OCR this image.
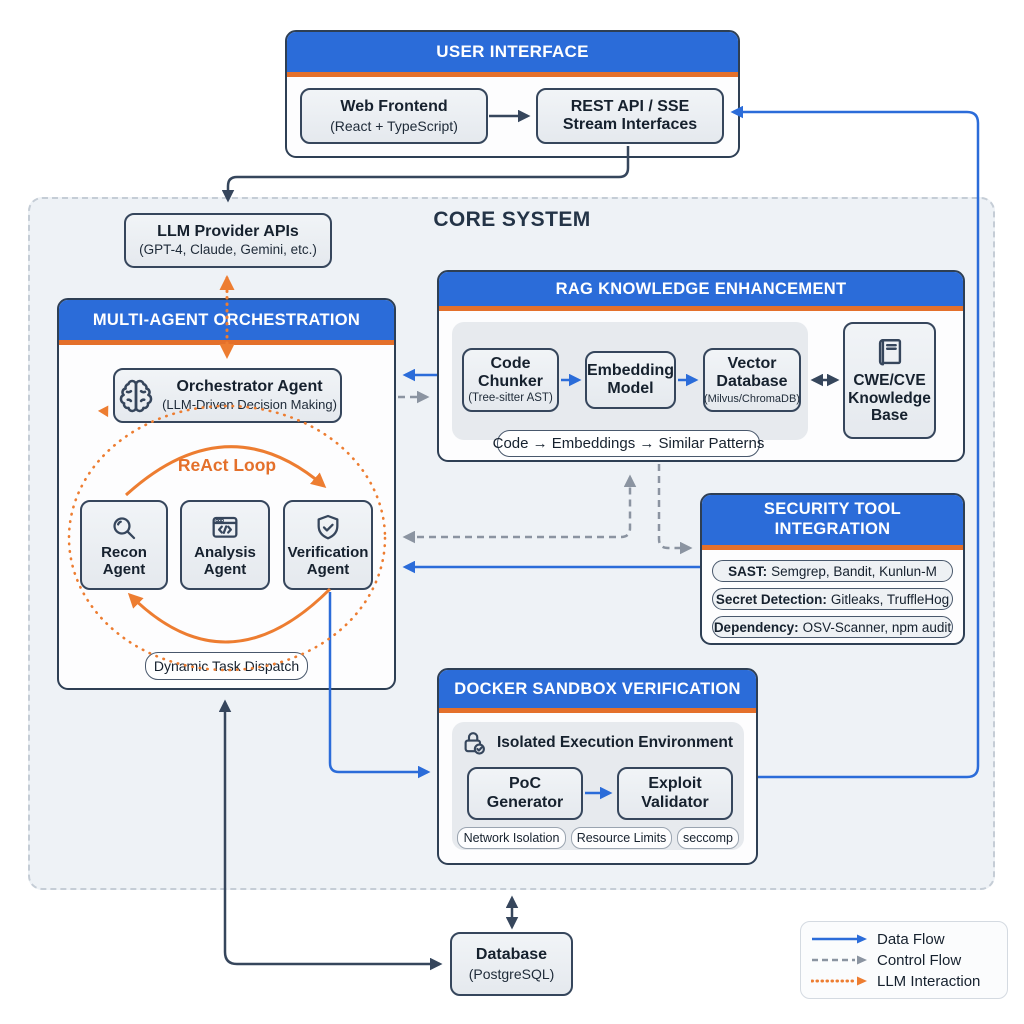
CORE SYSTEM
USER INTERFACE
Web Frontend
(React + TypeScript)
REST API / SSE
Stream Interfaces
LLM Provider APIs
(GPT-4, Claude, Gemini, etc.)
MULTI-AGENT ORCHESTRATION
Orchestrator Agent
(LLM-Driven Decision Making)
ReAct Loop
Recon
Agent
Analysis
Agent
Verification
Agent
Dynamic Task Dispatch
RAG KNOWLEDGE ENHANCEMENT
Code
Chunker
(Tree-sitter AST)
Embedding
Model
Vector
Database
(Milvus/ChromaDB)
Code → Embeddings → Similar Patterns
CWE/CVE
Knowledge
Base
SECURITY TOOL
INTEGRATION
SAST: Semgrep, Bandit, Kunlun-M
Secret Detection: Gitleaks, TruffleHog
Dependency: OSV-Scanner, npm audit
DOCKER SANDBOX VERIFICATION
Isolated Execution Environment
PoC
Generator
Exploit
Validator
Network Isolation	Resource Limits	seccomp
Database
(PostgreSQL)
Data Flow
Control Flow
LLM Interaction
